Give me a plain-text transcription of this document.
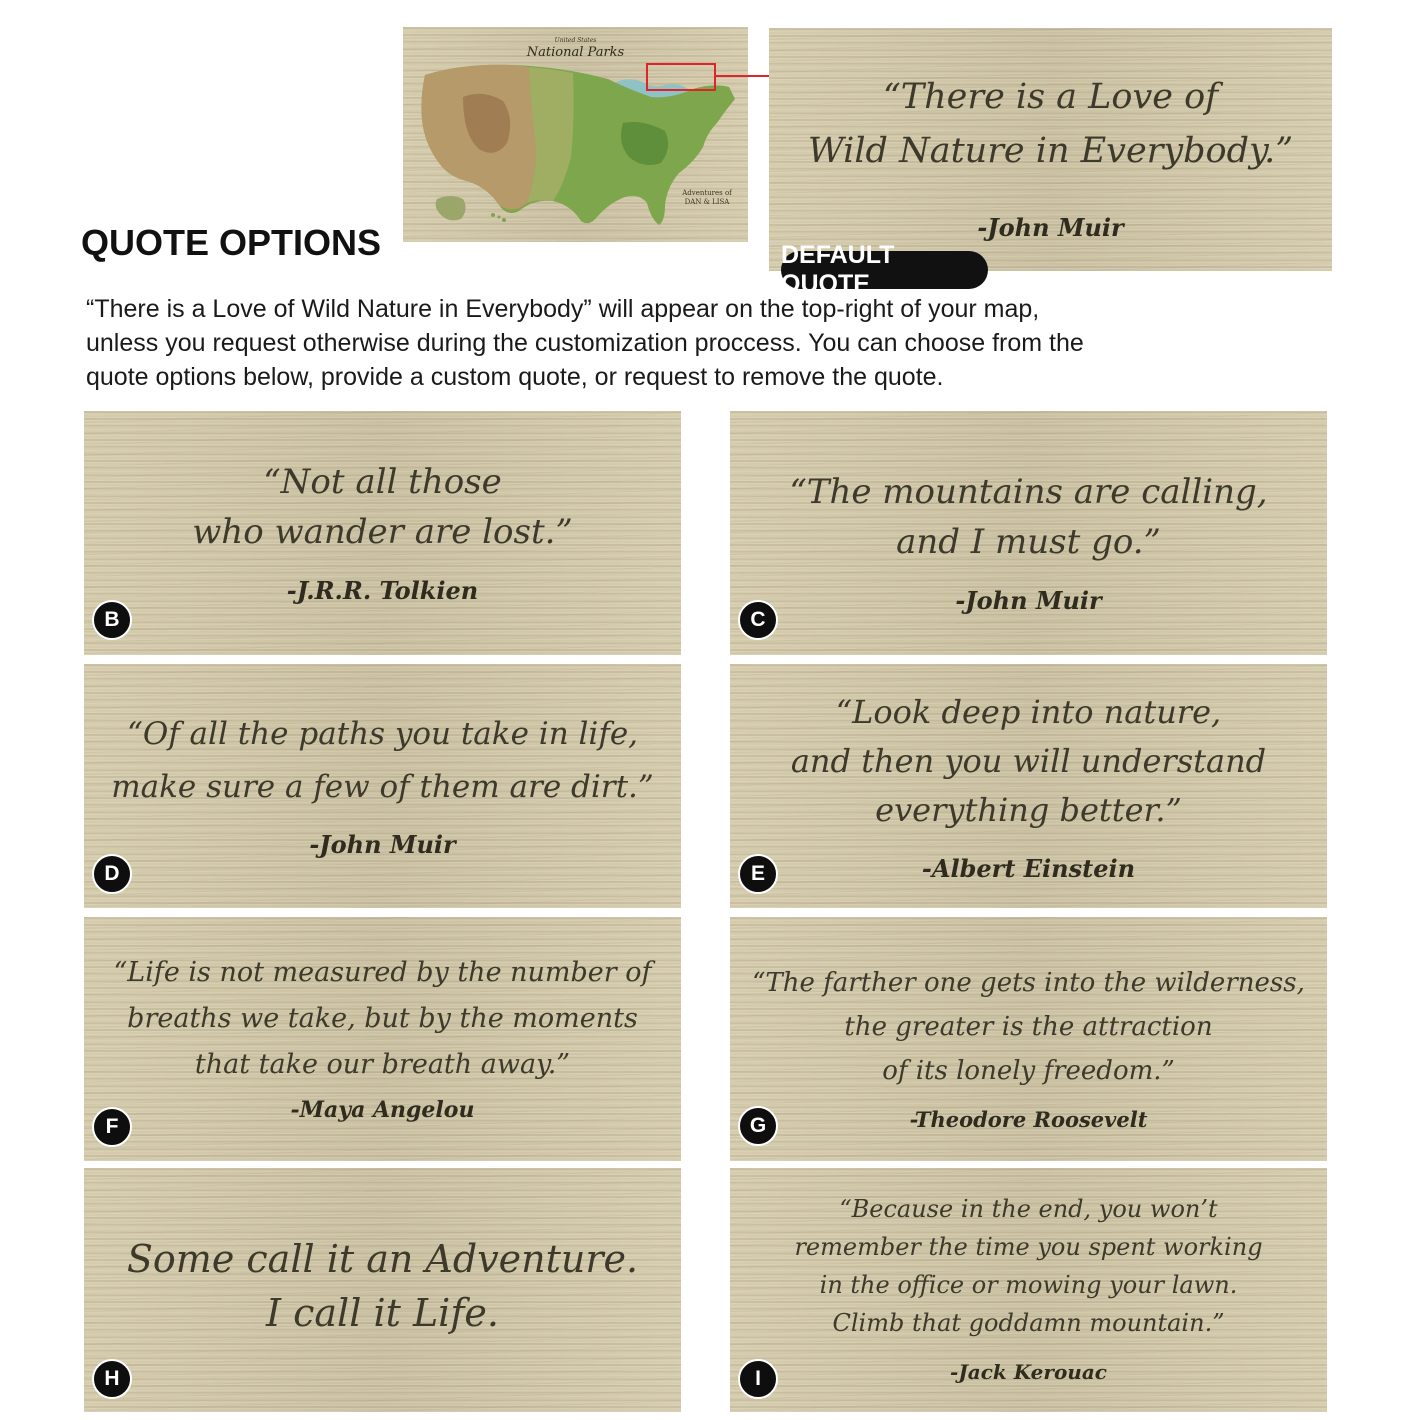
United States
National Parks
Adventures of
DAN & LISA
“There is a Love of
Wild Nature in Everybody.”
-John Muir
DEFAULT QUOTE
QUOTE OPTIONS
“There is a Love of Wild Nature in Everybody” will appear on the top-right of your map,
unless you request otherwise during the customization proccess. You can choose from the
quote options below, provide a custom quote, or request to remove the quote.
“Not all those
who wander are lost.”
-J.R.R. Tolkien
B
“The mountains are calling,
and I must go.”
-John Muir
C
“Of all the paths you take in life,
make sure a few of them are dirt.”
-John Muir
D
“Look deep into nature,
and then you will understand
everything better.”
-Albert Einstein
E
“Life is not measured by the number of
breaths we take, but by the moments
that take our breath away.”
-Maya Angelou
F
“The farther one gets into the wilderness,
the greater is the attraction
of its lonely freedom.”
-Theodore Roosevelt
G
Some call it an Adventure.
I call it Life.
H
“Because in the end, you won’t
remember the time you spent working
in the office or mowing your lawn.
Climb that goddamn mountain.”
-Jack Kerouac
I
